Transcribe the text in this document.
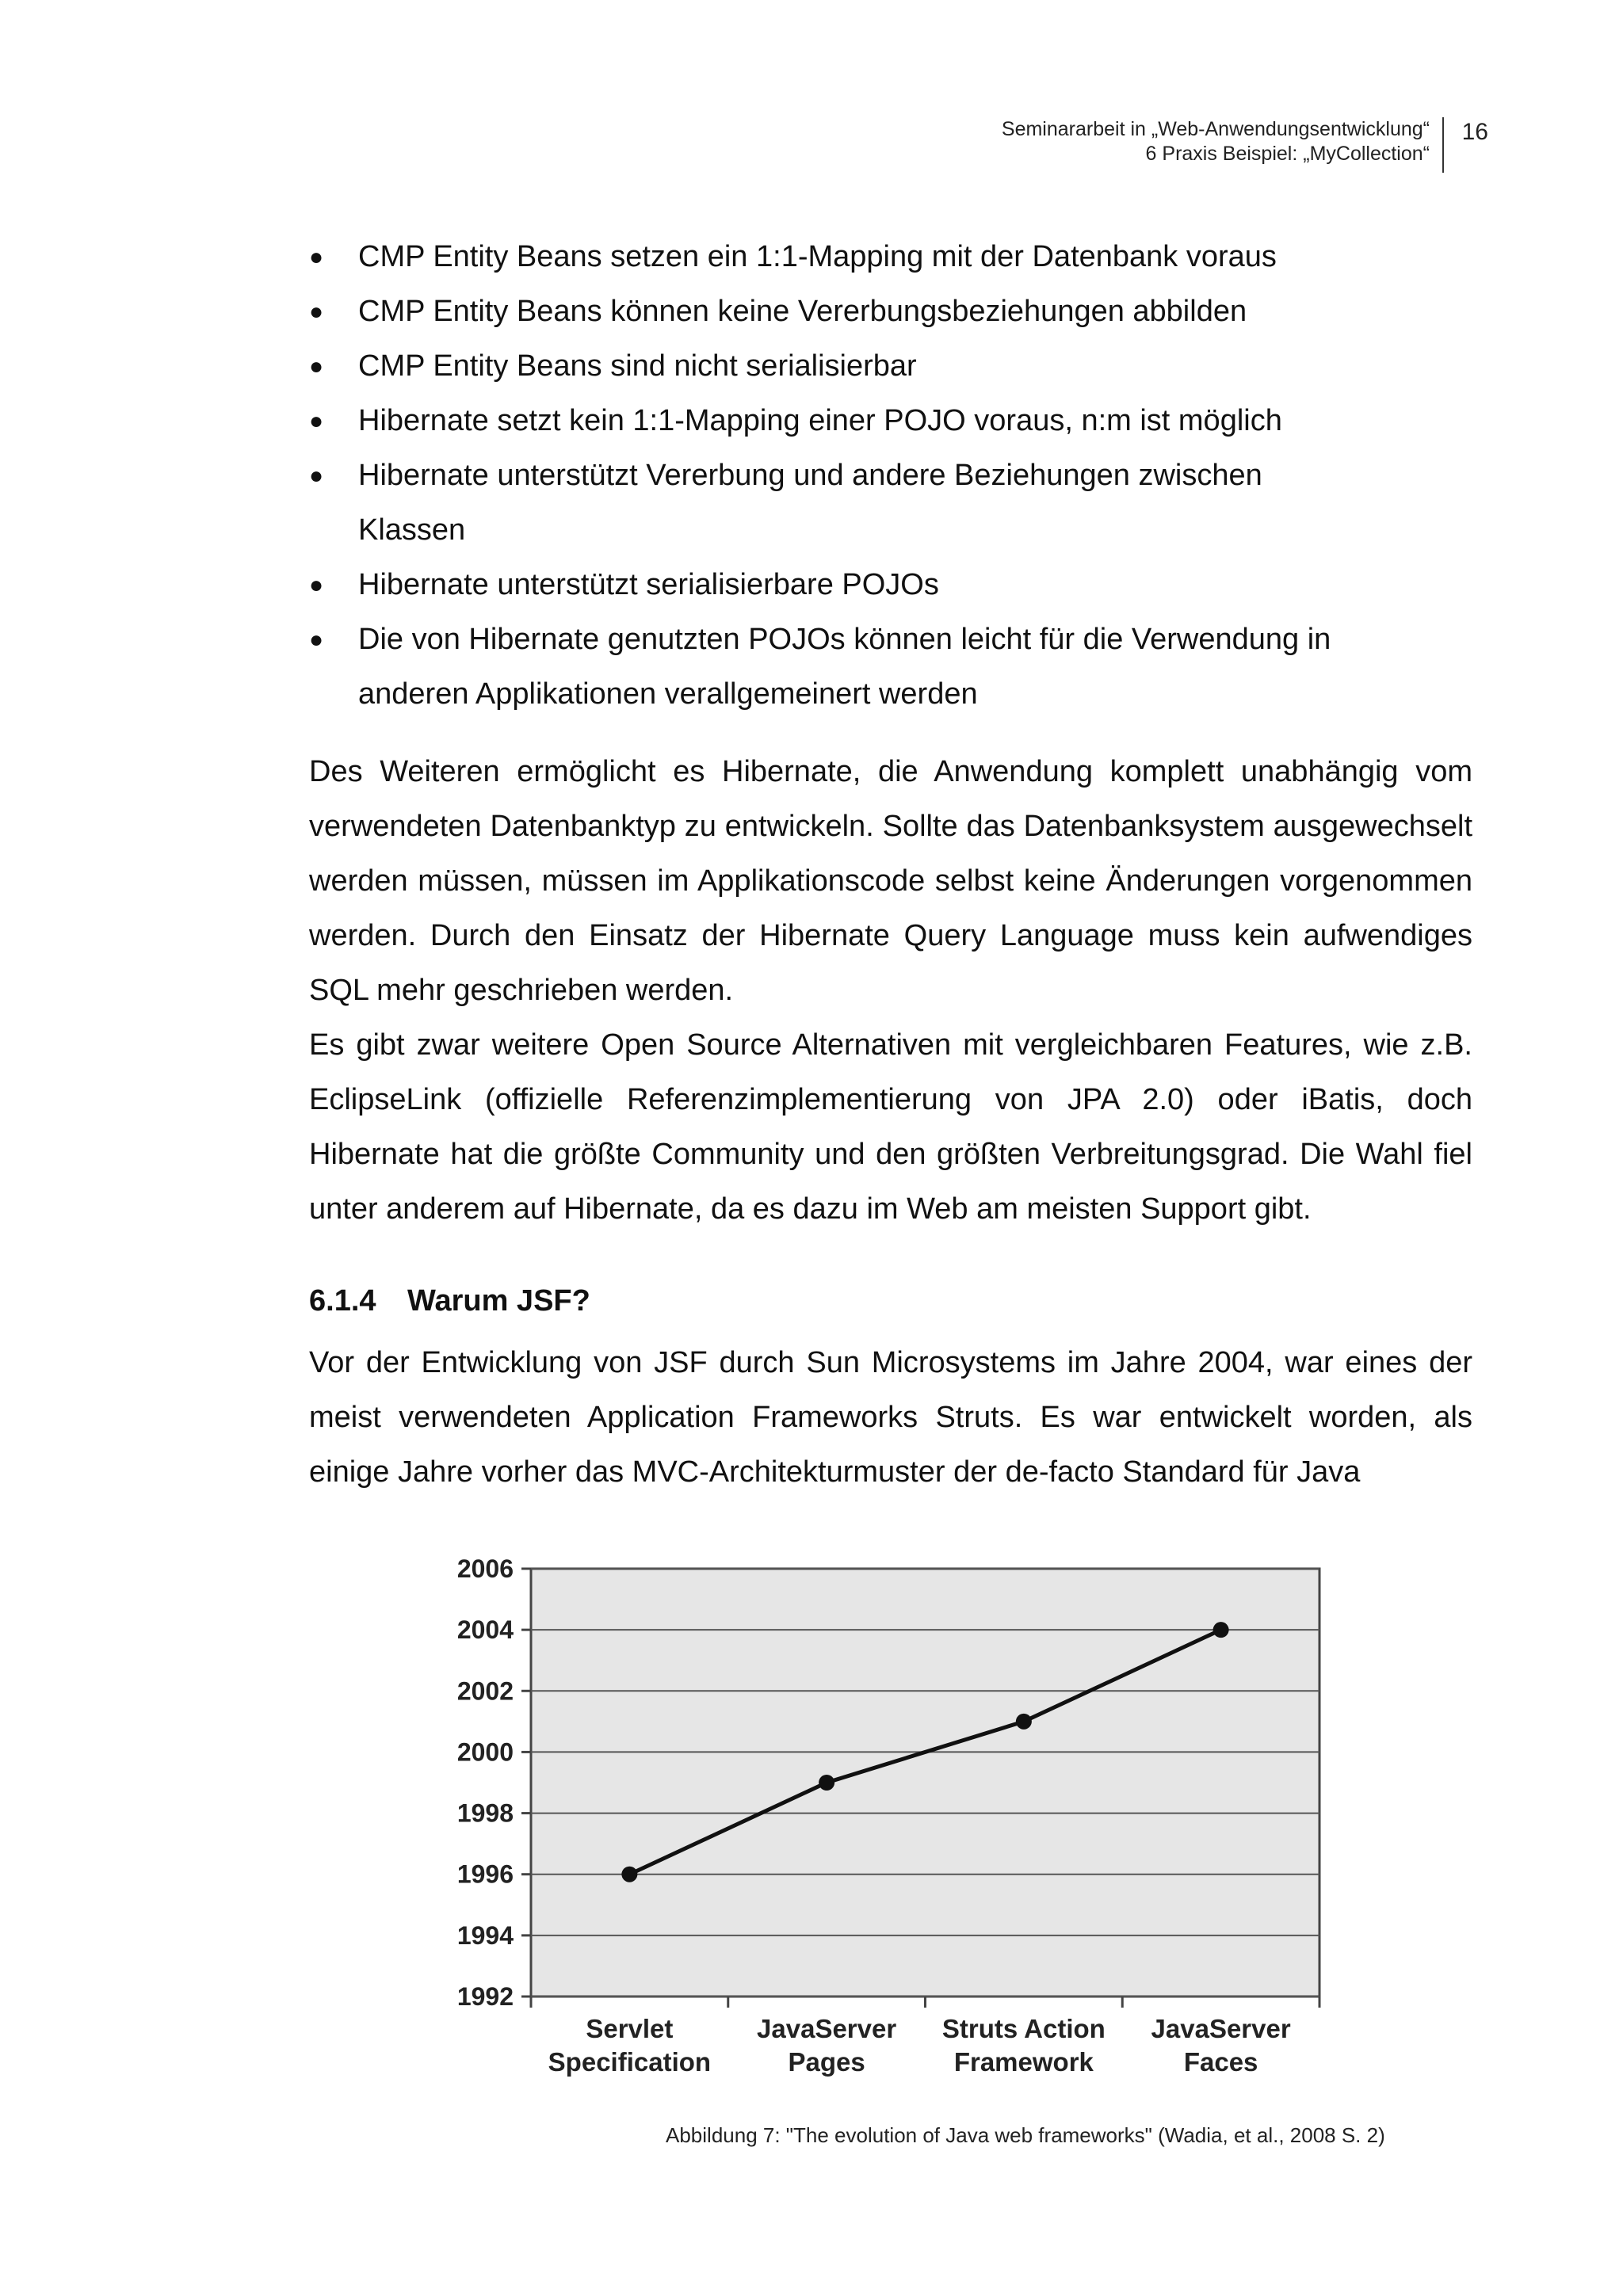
Seminararbeit in „Web-Anwendungsentwicklung“
6 Praxis Beispiel: „MyCollection“
16
● CMP Entity Beans setzen ein 1:1-Mapping mit der Datenbank voraus
● CMP Entity Beans können keine Vererbungsbeziehungen abbilden
● CMP Entity Beans sind nicht serialisierbar
● Hibernate setzt kein 1:1-Mapping einer POJO voraus, n:m ist möglich
● Hibernate unterstützt Vererbung und andere Beziehungen zwischen Klassen
● Hibernate unterstützt serialisierbare POJOs
● Die von Hibernate genutzten POJOs können leicht für die Verwendung in anderen Applikationen verallgemeinert werden

Des Weiteren ermöglicht es Hibernate, die Anwendung komplett unabhängig vom verwendeten Datenbanktyp zu entwickeln. Sollte das Datenbanksystem ausgewechselt werden müssen, müssen im Applikationscode selbst keine Änderungen vorgenommen werden. Durch den Einsatz der Hibernate Query Language muss kein aufwendiges SQL mehr geschrieben werden.

Es gibt zwar weitere Open Source Alternativen mit vergleichbaren Features, wie z.B. EclipseLink (offizielle Referenzimplementierung von JPA 2.0) oder iBatis, doch Hibernate hat die größte Community und den größten Verbreitungsgrad. Die Wahl fiel unter anderem auf Hibernate, da es dazu im Web am meisten Support gibt.

6.1.4 Warum JSF?

Vor der Entwicklung von JSF durch Sun Microsystems im Jahre 2004, war eines der meist verwendeten Application Frameworks Struts. Es war entwickelt worden, als einige Jahre vorher das MVC-Architekturmuster der de-facto Standard für Java

1992
1994
1996
1998
2000
2002
2004
2006
Servlet Specification
JavaServer Pages
Struts Action Framework
JavaServer Faces
Abbildung 7: "The evolution of Java web frameworks" (Wadia, et al., 2008 S. 2)
